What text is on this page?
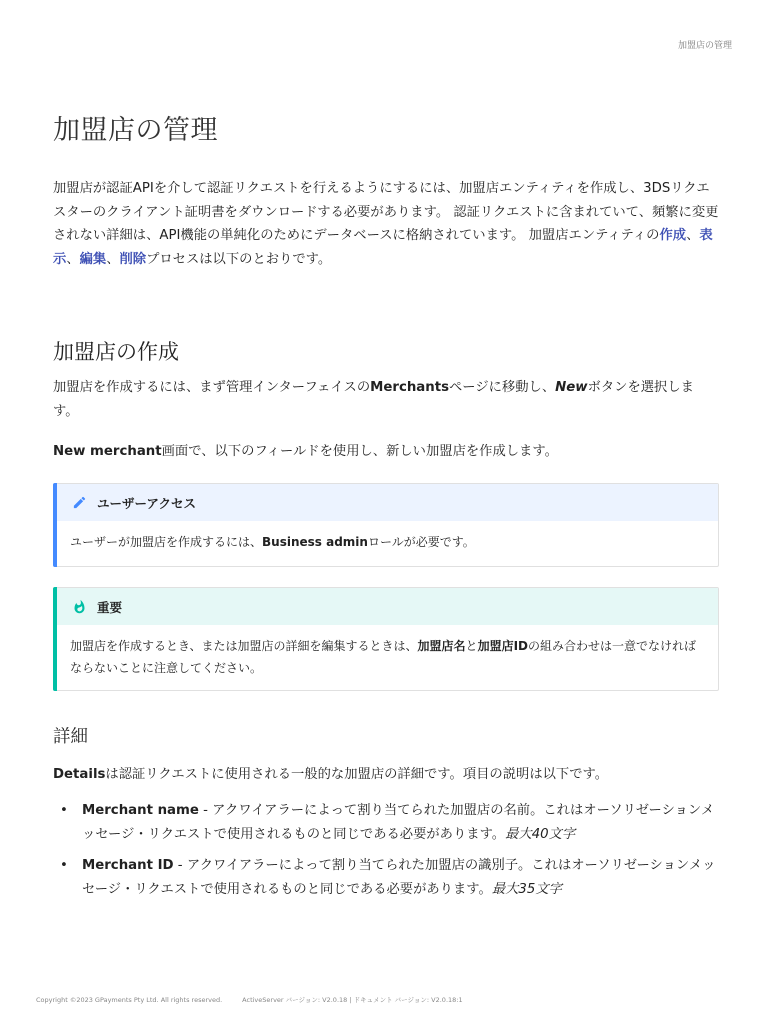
加盟店の管理
加盟店の管理

加盟店が認証APIを介して認証リクエストを行えるようにするには、加盟店エンティティを作成し、3DSリクエスターのクライアント証明書をダウンロードする必要があります。 認証リクエストに含まれていて、頻繁に変更されない詳細は、API機能の単純化のためにデータベースに格納されています。 加盟店エンティティの作成、表示、編集、削除プロセスは以下のとおりです。

加盟店の作成

加盟店を作成するには、まず管理インターフェイスのMerchantsページに移動し、Newボタンを選択します。

New merchant画面で、以下のフィールドを使用し、新しい加盟店を作成します。

ユーザーアクセス
ユーザーが加盟店を作成するには、Business adminロールが必要です。
重要
加盟店を作成するとき、または加盟店の詳細を編集するときは、加盟店名と加盟店IDの組み合わせは一意でなければならないことに注意してください。
詳細

Detailsは認証リクエストに使用される一般的な加盟店の詳細です。項目の説明は以下です。

• Merchant name - アクワイアラーによって割り当てられた加盟店の名前。これはオーソリゼーションメッセージ・リクエストで使用されるものと同じである必要があります。最大40文字
• Merchant ID - アクワイアラーによって割り当てられた加盟店の識別子。これはオーソリゼーションメッセージ・リクエストで使用されるものと同じである必要があります。最大35文字
Copyright ©2023 GPayments Pty Ltd. All rights reserved.	ActiveServer バージョン: V2.0.18 | ドキュメント バージョン: V2.0.18:1
